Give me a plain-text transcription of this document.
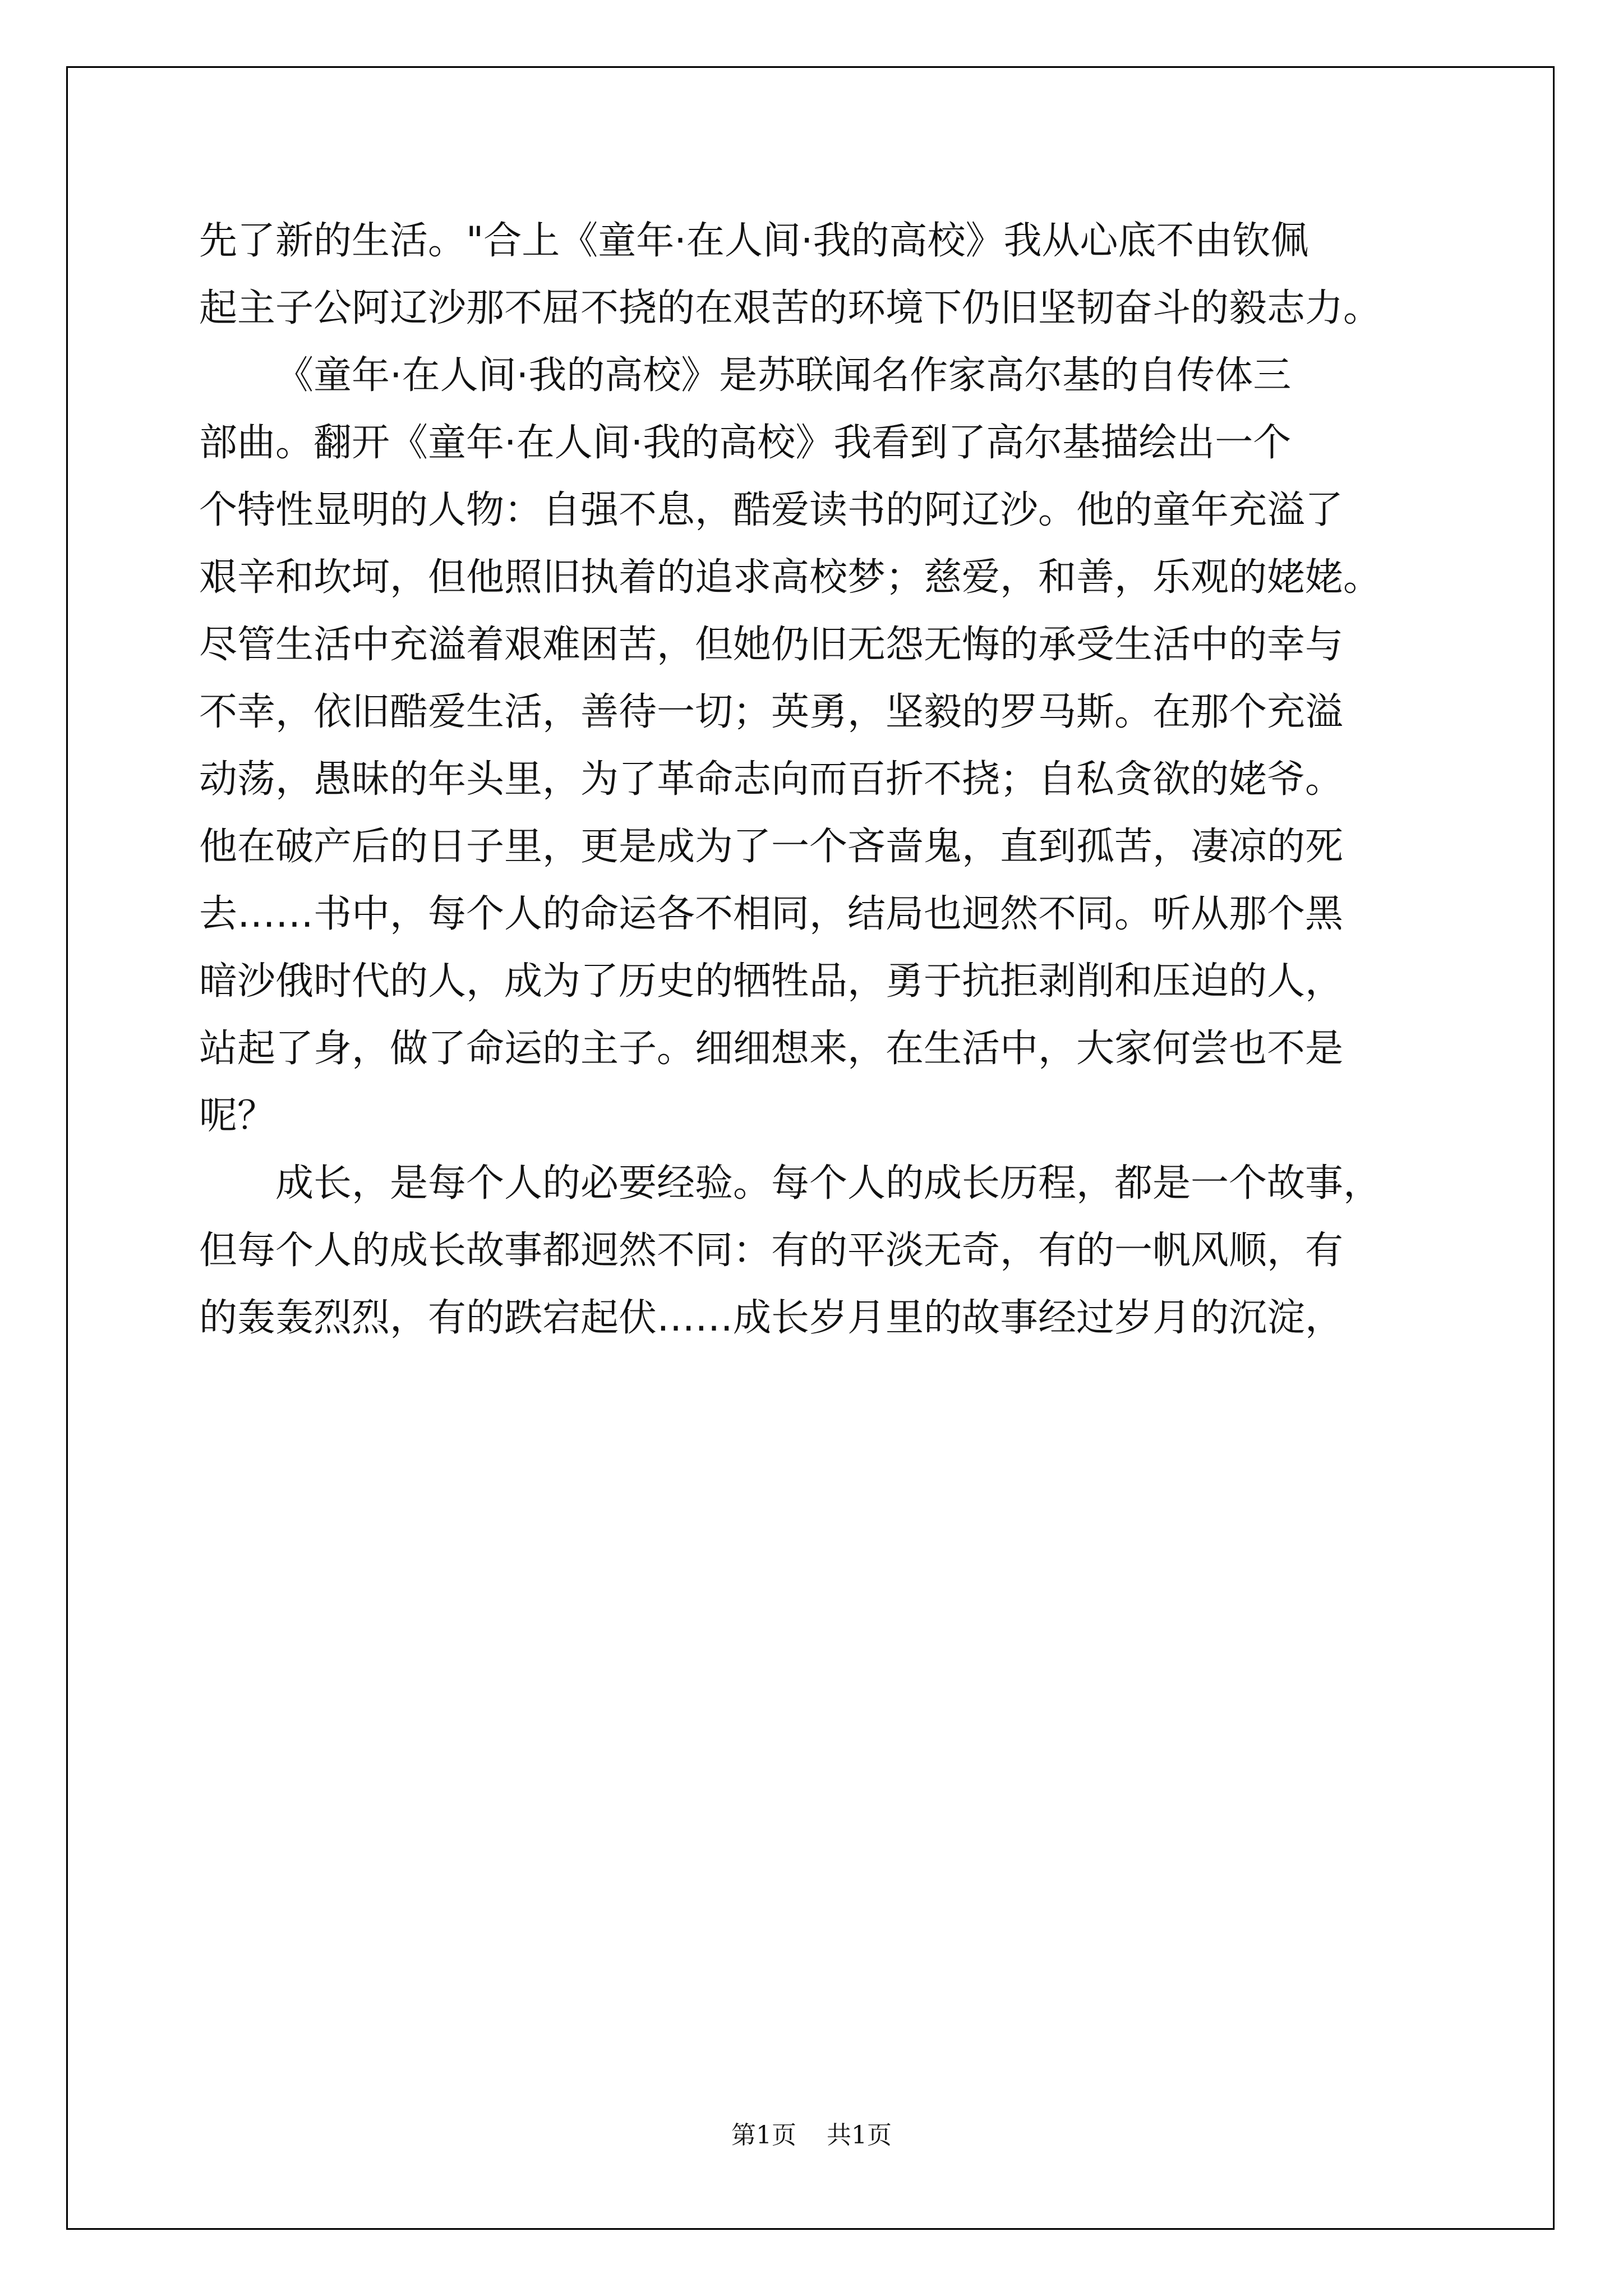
先了新的生活。"合上《童年·在人间·我的高校》我从心底不由钦佩
起主子公阿辽沙那不屈不挠的在艰苦的环境下仍旧坚韧奋斗的毅志力。
《童年·在人间·我的高校》是苏联闻名作家高尔基的自传体三
部曲。翻开《童年·在人间·我的高校》我看到了高尔基描绘出一个
个特性显明的人物：自强不息，酷爱读书的阿辽沙。他的童年充溢了
艰辛和坎坷，但他照旧执着的追求高校梦；慈爱，和善，乐观的姥姥。
尽管生活中充溢着艰难困苦，但她仍旧无怨无悔的承受生活中的幸与
不幸，依旧酷爱生活，善待一切；英勇，坚毅的罗马斯。在那个充溢
动荡，愚昧的年头里，为了革命志向而百折不挠；自私贪欲的姥爷。
他在破产后的日子里，更是成为了一个吝啬鬼，直到孤苦，凄凉的死
去……书中，每个人的命运各不相同，结局也迥然不同。听从那个黑
暗沙俄时代的人，成为了历史的牺牲品，勇于抗拒剥削和压迫的人，
站起了身，做了命运的主子。细细想来，在生活中，大家何尝也不是
呢？
成长，是每个人的必要经验。每个人的成长历程，都是一个故事，
但每个人的成长故事都迥然不同：有的平淡无奇，有的一帆风顺，有
的轰轰烈烈，有的跌宕起伏……成长岁月里的故事经过岁月的沉淀，
第1页 共1页
